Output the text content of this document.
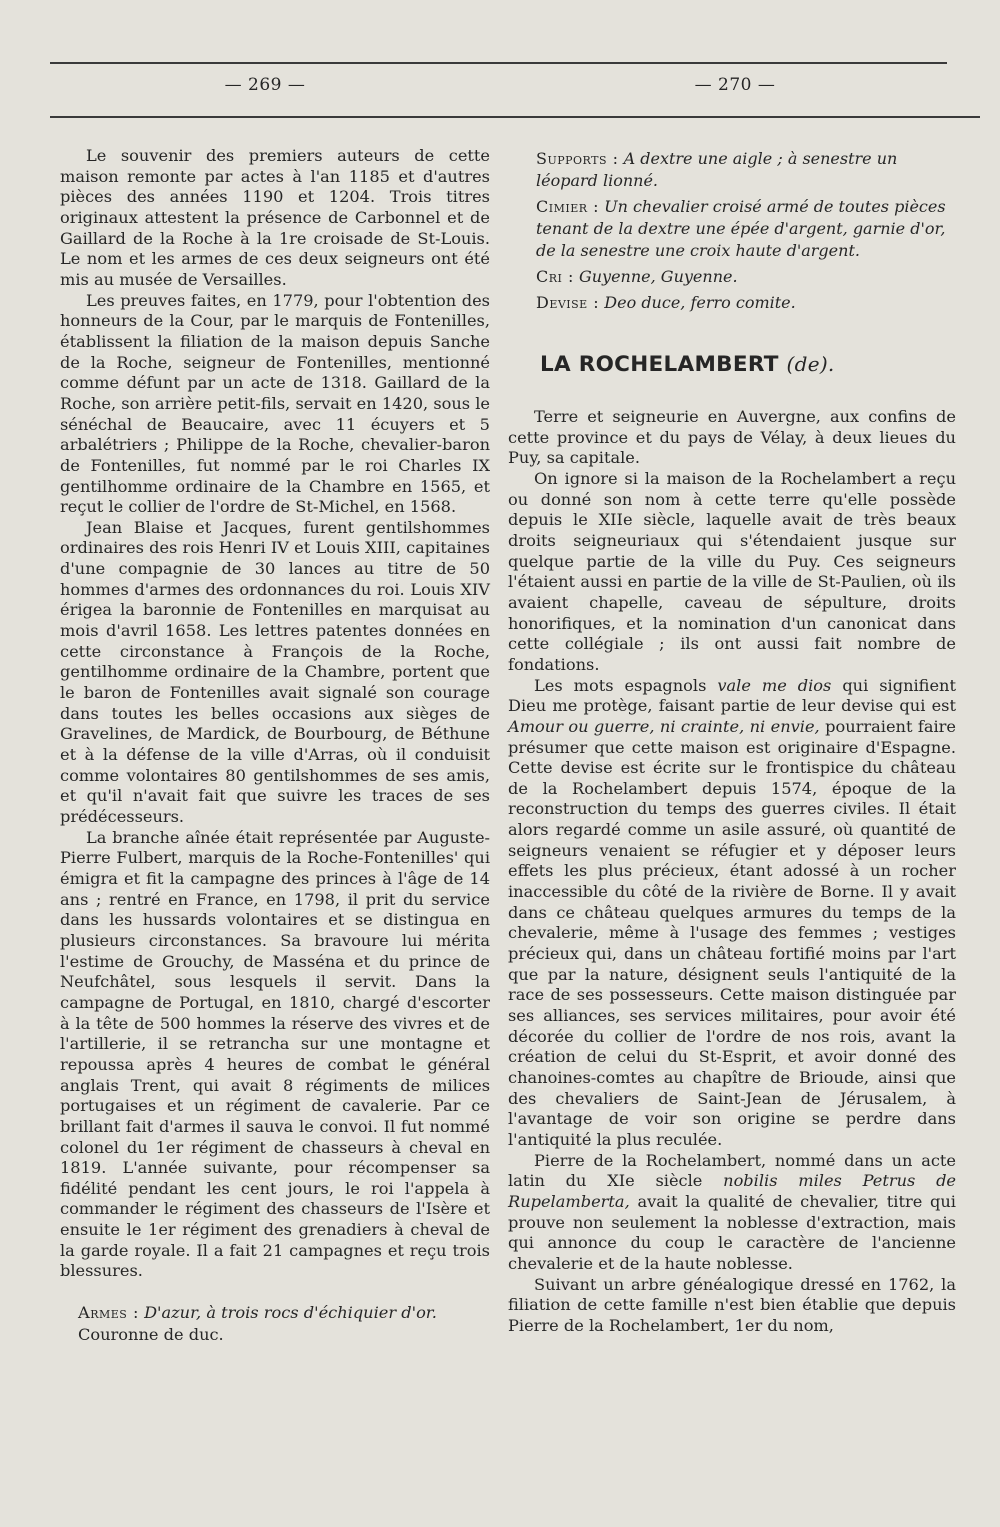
— 269 —	— 270 —

Le souvenir des premiers auteurs de cette maison remonte par actes à l'an 1185 et d'autres pièces des années 1190 et 1204. Trois titres originaux attestent la présence de Carbonnel et de Gaillard de la Roche à la 1re croisade de St-Louis. Le nom et les armes de ces deux seigneurs ont été mis au musée de Versailles.

Les preuves faites, en 1779, pour l'obtention des honneurs de la Cour, par le marquis de Fontenilles, établissent la filiation de la maison depuis Sanche de la Roche, seigneur de Fontenilles, mentionné comme défunt par un acte de 1318. Gaillard de la Roche, son arrière petit-fils, servait en 1420, sous le sénéchal de Beaucaire, avec 11 écuyers et 5 arbalétriers ; Philippe de la Roche, chevalier-baron de Fontenilles, fut nommé par le roi Charles IX gentilhomme ordinaire de la Chambre en 1565, et reçut le collier de l'ordre de St-Michel, en 1568.

Jean Blaise et Jacques, furent gentilshommes ordinaires des rois Henri IV et Louis XIII, capitaines d'une compagnie de 30 lances au titre de 50 hommes d'armes des ordonnances du roi. Louis XIV érigea la baronnie de Fontenilles en marquisat au mois d'avril 1658. Les lettres patentes données en cette circonstance à François de la Roche, gentilhomme ordinaire de la Chambre, portent que le baron de Fontenilles avait signalé son courage dans toutes les belles occasions aux sièges de Gravelines, de Mardick, de Bourbourg, de Béthune et à la défense de la ville d'Arras, où il conduisit comme volontaires 80 gentilshommes de ses amis, et qu'il n'avait fait que suivre les traces de ses prédécesseurs.

La branche aînée était représentée par Auguste-Pierre Fulbert, marquis de la Roche-Fontenilles' qui émigra et fit la campagne des princes à l'âge de 14 ans ; rentré en France, en 1798, il prit du service dans les hussards volontaires et se distingua en plusieurs circonstances. Sa bravoure lui mérita l'estime de Grouchy, de Masséna et du prince de Neufchâtel, sous lesquels il servit. Dans la campagne de Portugal, en 1810, chargé d'escorter à la tête de 500 hommes la réserve des vivres et de l'artillerie, il se retrancha sur une montagne et repoussa après 4 heures de combat le général anglais Trent, qui avait 8 régiments de milices portugaises et un régiment de cavalerie. Par ce brillant fait d'armes il sauva le convoi. Il fut nommé colonel du 1er régiment de chasseurs à cheval en 1819. L'année suivante, pour récompenser sa fidélité pendant les cent jours, le roi l'appela à commander le régiment des chasseurs de l'Isère et ensuite le 1er régiment des grenadiers à cheval de la garde royale. Il a fait 21 campagnes et reçu trois blessures.

Armes : D'azur, à trois rocs d'échiquier d'or.
Couronne de duc.

Supports : A dextre une aigle ; à senestre un léopard lionné.

Cimier : Un chevalier croisé armé de toutes pièces tenant de la dextre une épée d'argent, garnie d'or, de la senestre une croix haute d'argent.

Cri : Guyenne, Guyenne.

Devise : Deo duce, ferro comite.

LA ROCHELAMBERT (de).

Terre et seigneurie en Auvergne, aux confins de cette province et du pays de Vélay, à deux lieues du Puy, sa capitale.

On ignore si la maison de la Rochelambert a reçu ou donné son nom à cette terre qu'elle possède depuis le XIIe siècle, laquelle avait de très beaux droits seigneuriaux qui s'étendaient jusque sur quelque partie de la ville du Puy. Ces seigneurs l'étaient aussi en partie de la ville de St-Paulien, où ils avaient chapelle, caveau de sépulture, droits honorifiques, et la nomination d'un canonicat dans cette collégiale ; ils ont aussi fait nombre de fondations.

Les mots espagnols vale me dios qui signifient Dieu me protège, faisant partie de leur devise qui est Amour ou guerre, ni crainte, ni envie, pourraient faire présumer que cette maison est originaire d'Espagne. Cette devise est écrite sur le frontispice du château de la Rochelambert depuis 1574, époque de la reconstruction du temps des guerres civiles. Il était alors regardé comme un asile assuré, où quantité de seigneurs venaient se réfugier et y déposer leurs effets les plus précieux, étant adossé à un rocher inaccessible du côté de la rivière de Borne. Il y avait dans ce château quelques armures du temps de la chevalerie, même à l'usage des femmes ; vestiges précieux qui, dans un château fortifié moins par l'art que par la nature, désignent seuls l'antiquité de la race de ses possesseurs. Cette maison distinguée par ses alliances, ses services militaires, pour avoir été décorée du collier de l'ordre de nos rois, avant la création de celui du St-Esprit, et avoir donné des chanoines-comtes au chapître de Brioude, ainsi que des chevaliers de Saint-Jean de Jérusalem, à l'avantage de voir son origine se perdre dans l'antiquité la plus reculée.

Pierre de la Rochelambert, nommé dans un acte latin du XIe siècle nobilis miles Petrus de Rupelamberta, avait la qualité de chevalier, titre qui prouve non seulement la noblesse d'extraction, mais qui annonce du coup le caractère de l'ancienne chevalerie et de la haute noblesse.

Suivant un arbre généalogique dressé en 1762, la filiation de cette famille n'est bien établie que depuis Pierre de la Rochelambert, 1er du nom,
